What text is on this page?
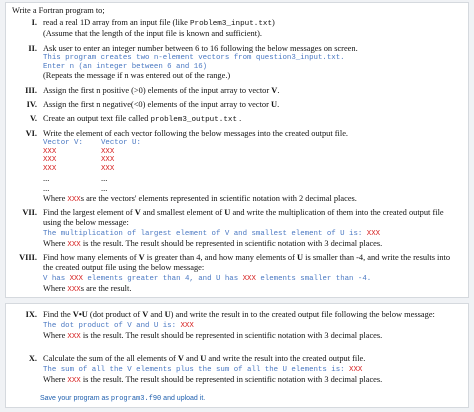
Write a Fortran program to;
I. read a real 1D array from an input file (like Problem3_input.txt)
(Assume that the length of the input file is known and sufficient).
II. Ask user to enter an integer number between 6 to 16 following the below messages on screen.
This program creates two n-element vectors from question3_input.txt.
Enter n (an integer between 6 and 16)
(Repeats the message if n was entered out of the range.)
III. Assign the first n positive (>0) elements of the input array to vector V.
IV. Assign the first n negative(<0) elements of the input array to vector U.
V. Create an output text file called problem3_output.txt .
VI. Write the element of each vector following the below messages into the created output file.
Vector V: Vector U:
XXX	XXX
XXX	XXX
XXX	XXX
...	...
...	...
Where XXXs are the vectors' elements represented in scientific notation with 2 decimal places.
VII. Find the largest element of V and smallest element of U and write the multiplication of them into the created output file using the below message:
The multiplication of largest element of V and smallest element of U is: XXX
Where XXX is the result. The result should be represented in scientific notation with 3 decimal places.
VIII. Find how many elements of V is greater than 4, and how many elements of U is smaller than -4, and write the results into the created output file using the below message:
V has XXX elements greater than 4, and U has XXX elements smaller than -4.
Where XXXs are the result.
IX. Find the V•U (dot product of V and U) and write the result in to the created output file following the below message:
The dot product of V and U is: XXX
Where XXX is the result. The result should be represented in scientific notation with 3 decimal places.
X. Calculate the sum of the all elements of V and U and write the result into the created output file.
The sum of all the V elements plus the sum of all the U elements is: XXX
Where XXX is the result. The result should be represented in scientific notation with 3 decimal places.
Save your program as program3.f90 and upload it.
